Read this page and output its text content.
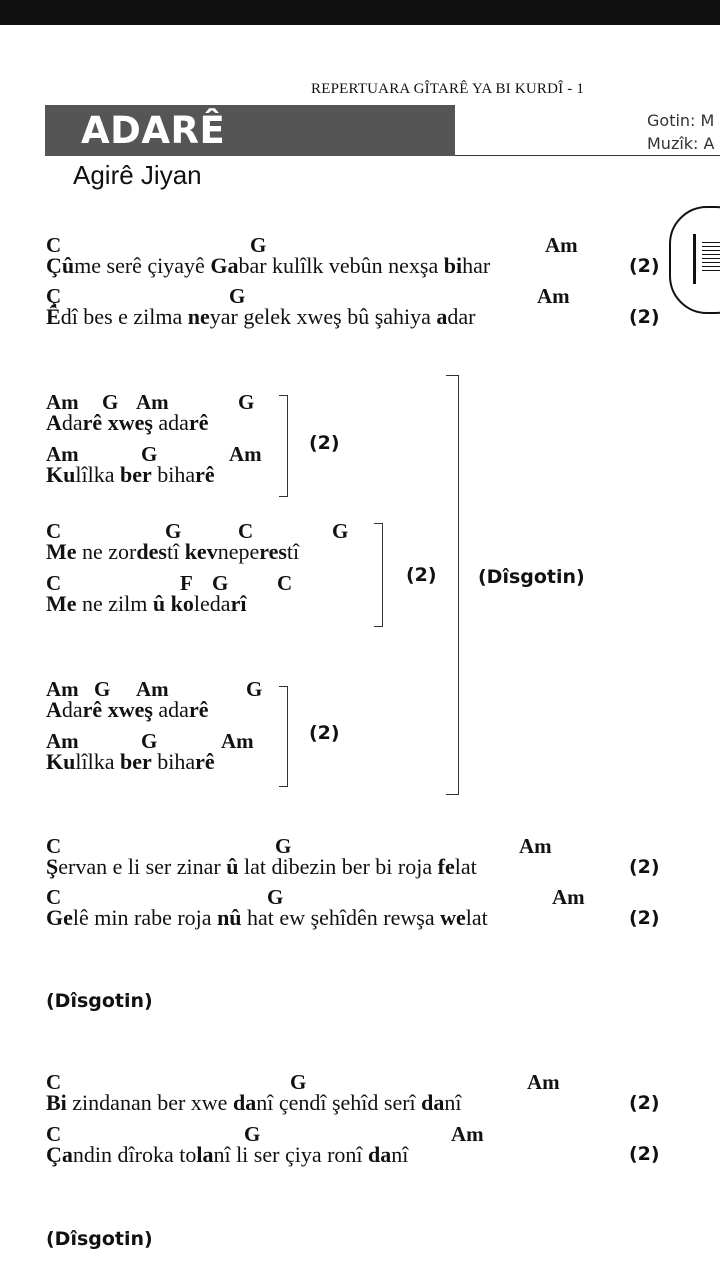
REPERTUARA GÎTARÊ YA BI KURDÎ - 1
ADARÊ	Gotin: M
Muzîk: A
Agirê Jiyan
C	G	Am
Çûme serê çiyayê Gabar kulîlk vebûn nexşa bihar	(2)
Ç	G	Am
Êdî bes e zilma neyar gelek xweş bû şahiya adar	(2)
Am G Am	G
Adarê xweş adarê
Am	G	Am
Kulîlka ber biharê
(2)
C	G	C	G
Me ne zordestî kevneperestî
C	F G C
Me ne zilm û koledarî
(2)
Am G Am	G
Adarê xweş adarê
Am	G	Am
Kulîlka ber biharê
(2)
(Dîsgotin)
C	G	Am
Şervan e li ser zinar û lat dibezin ber bi roja felat	(2)
C	G	Am
Gelê min rabe roja nû hat ew şehîdên rewşa welat	(2)
(Dîsgotin)
C	G	Am
Bi zindanan ber xwe danî çendî şehîd serî danî	(2)
C	G	Am
Çandin dîroka tolanî li ser çiya ronî danî	(2)
(Dîsgotin)
